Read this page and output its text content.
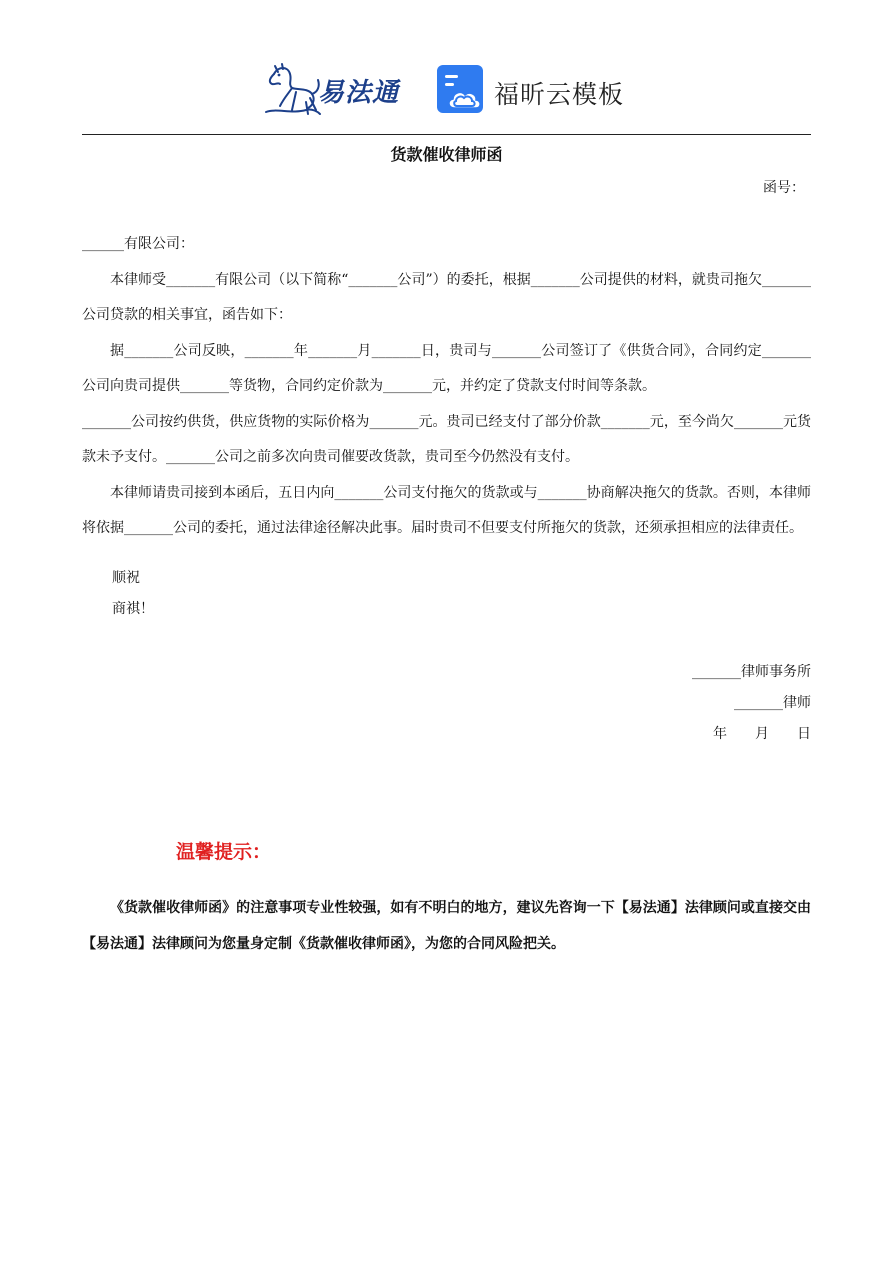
易法通	福昕云模板
货款催收律师函
函号：

______有限公司：

本律师受_______有限公司（以下简称“_______公司”）的委托，根据_______公司提供的材料，就贵司拖欠_______公司贷款的相关事宜，函告如下：

据_______公司反映，_______年_______月_______日，贵司与_______公司签订了《供货合同》，合同约定_______公司向贵司提供_______等货物，合同约定价款为_______元，并约定了贷款支付时间等条款。

_______公司按约供货，供应货物的实际价格为_______元。贵司已经支付了部分价款_______元，至今尚欠_______元货款未予支付。_______公司之前多次向贵司催要改货款，贵司至今仍然没有支付。

本律师请贵司接到本函后，五日内向_______公司支付拖欠的货款或与_______协商解决拖欠的货款。否则，本律师将依据_______公司的委托，通过法律途径解决此事。届时贵司不但要支付所拖欠的货款，还须承担相应的法律责任。

顺祝
商祺！
_______律师事务所
_______律师
年　　月　　日
温馨提示：

《货款催收律师函》的注意事项专业性较强，如有不明白的地方，建议先咨询一下【易法通】法律顾问或直接交由【易法通】法律顾问为您量身定制《货款催收律师函》，为您的合同风险把关。
